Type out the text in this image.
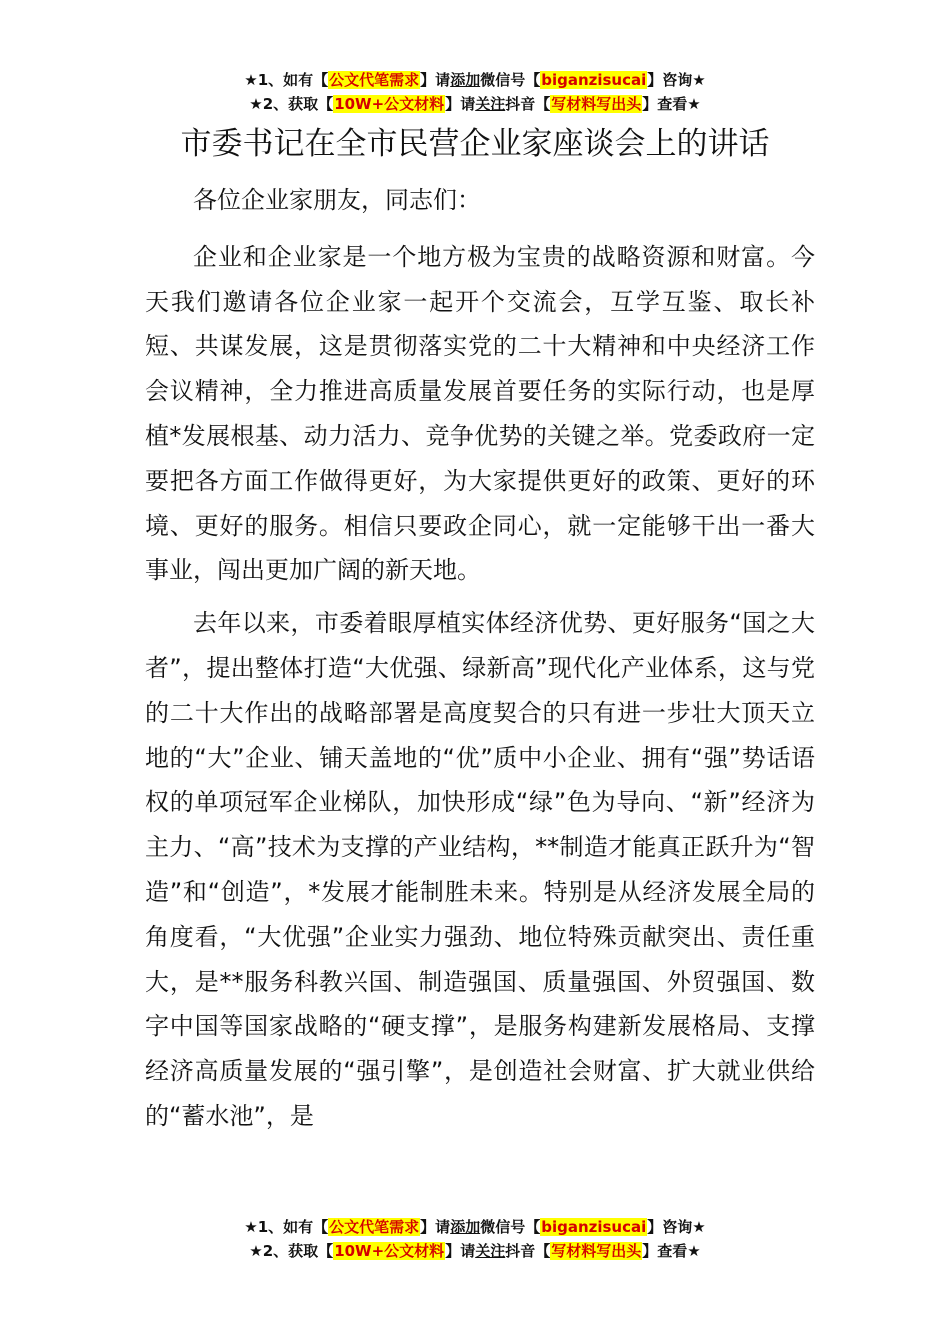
★1、如有【公文代笔需求】请添加微信号【biganzisucai】咨询★
★2、获取【10W+公文材料】请关注抖音【写材料写出头】查看★
市委书记在全市民营企业家座谈会上的讲话

各位企业家朋友，同志们：

企业和企业家是一个地方极为宝贵的战略资源和财富。今天我们邀请各位企业家一起开个交流会，互学互鉴、取长补短、共谋发展，这是贯彻落实党的二十大精神和中央经济工作会议精神，全力推进高质量发展首要任务的实际行动，也是厚植*发展根基、动力活力、竞争优势的关键之举。党委政府一定要把各方面工作做得更好，为大家提供更好的政策、更好的环境、更好的服务。相信只要政企同心，就一定能够干出一番大事业，闯出更加广阔的新天地。

去年以来，市委着眼厚植实体经济优势、更好服务“国之大者”，提出整体打造“大优强、绿新高”现代化产业体系，这与党的二十大作出的战略部署是高度契合的只有进一步壮大顶天立地的“大”企业、铺天盖地的“优”质中小企业、拥有“强”势话语权的单项冠军企业梯队，加快形成“绿”色为导向、“新”经济为主力、“高”技术为支撑的产业结构，**制造才能真正跃升为“智造”和“创造”，*发展才能制胜未来。特别是从经济发展全局的角度看，“大优强”企业实力强劲、地位特殊贡献突出、责任重大，是**服务科教兴国、制造强国、质量强国、外贸强国、数字中国等国家战略的“硬支撑”，是服务构建新发展格局、支撑经济高质量发展的“强引擎”，是创造社会财富、扩大就业供给的“蓄水池”，是

★1、如有【公文代笔需求】请添加微信号【biganzisucai】咨询★
★2、获取【10W+公文材料】请关注抖音【写材料写出头】查看★
